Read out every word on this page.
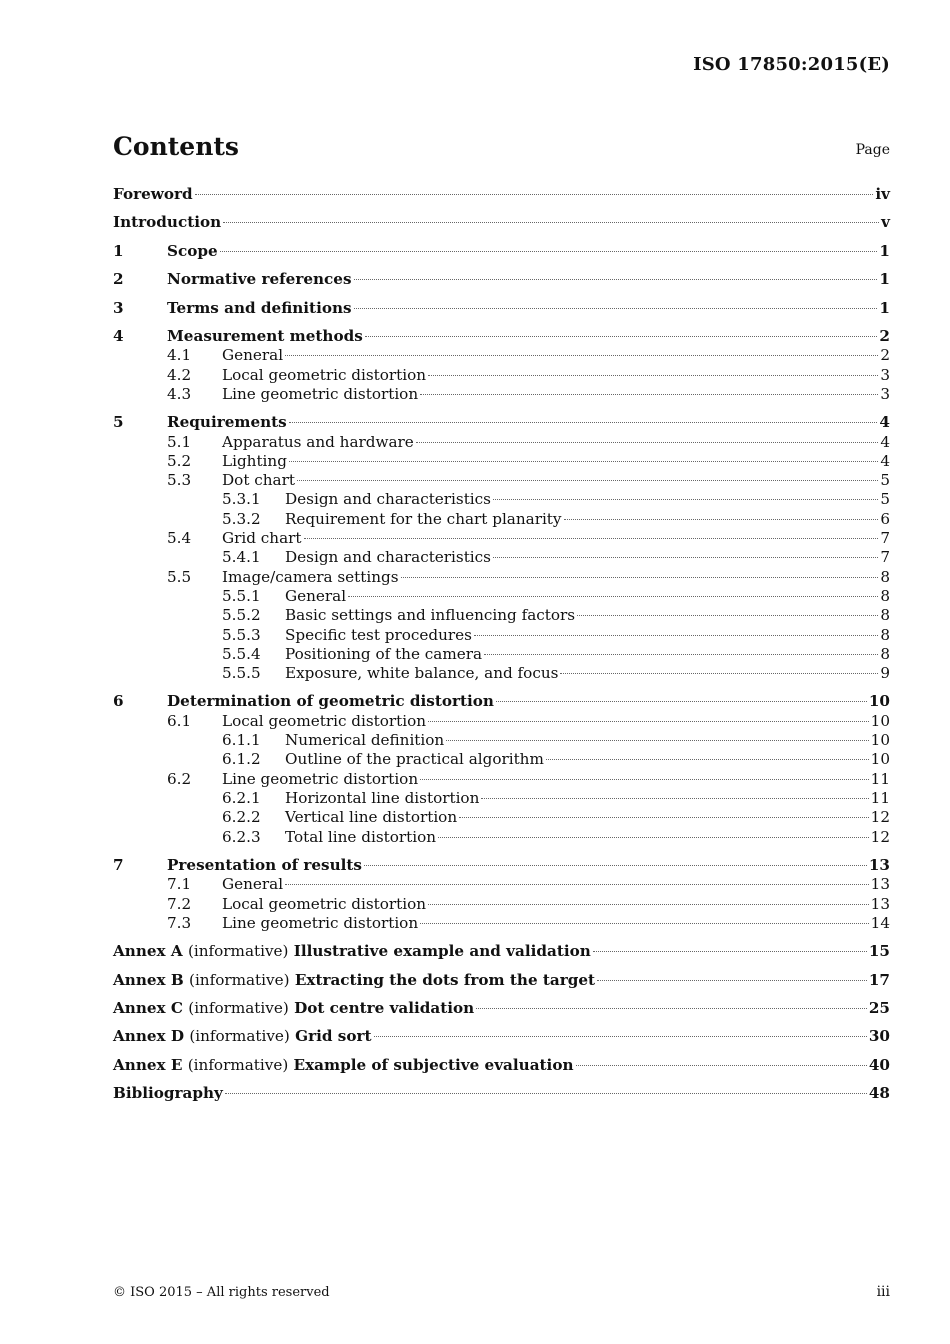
ISO 17850:2015(E)
Contents	Page
Foreword	iv
Introduction	v
1	Scope	1
2	Normative references	1
3	Terms and definitions	1
4	Measurement methods	2
4.1	General	2
4.2	Local geometric distortion	3
4.3	Line geometric distortion	3
5	Requirements	4
5.1	Apparatus and hardware	4
5.2	Lighting	4
5.3	Dot chart	5
5.3.1	Design and characteristics	5
5.3.2	Requirement for the chart planarity	6
5.4	Grid chart	7
5.4.1	Design and characteristics	7
5.5	Image/camera settings	8
5.5.1	General	8
5.5.2	Basic settings and influencing factors	8
5.5.3	Specific test procedures	8
5.5.4	Positioning of the camera	8
5.5.5	Exposure, white balance, and focus	9
6	Determination of geometric distortion	10
6.1	Local geometric distortion	10
6.1.1	Numerical definition	10
6.1.2	Outline of the practical algorithm	10
6.2	Line geometric distortion	11
6.2.1	Horizontal line distortion	11
6.2.2	Vertical line distortion	12
6.2.3	Total line distortion	12
7	Presentation of results	13
7.1	General	13
7.2	Local geometric distortion	13
7.3	Line geometric distortion	14
Annex A (informative) Illustrative example and validation	15
Annex B (informative) Extracting the dots from the target	17
Annex C (informative) Dot centre validation	25
Annex D (informative) Grid sort	30
Annex E (informative) Example of subjective evaluation	40
Bibliography	48
© ISO 2015 – All rights reserved	iii
